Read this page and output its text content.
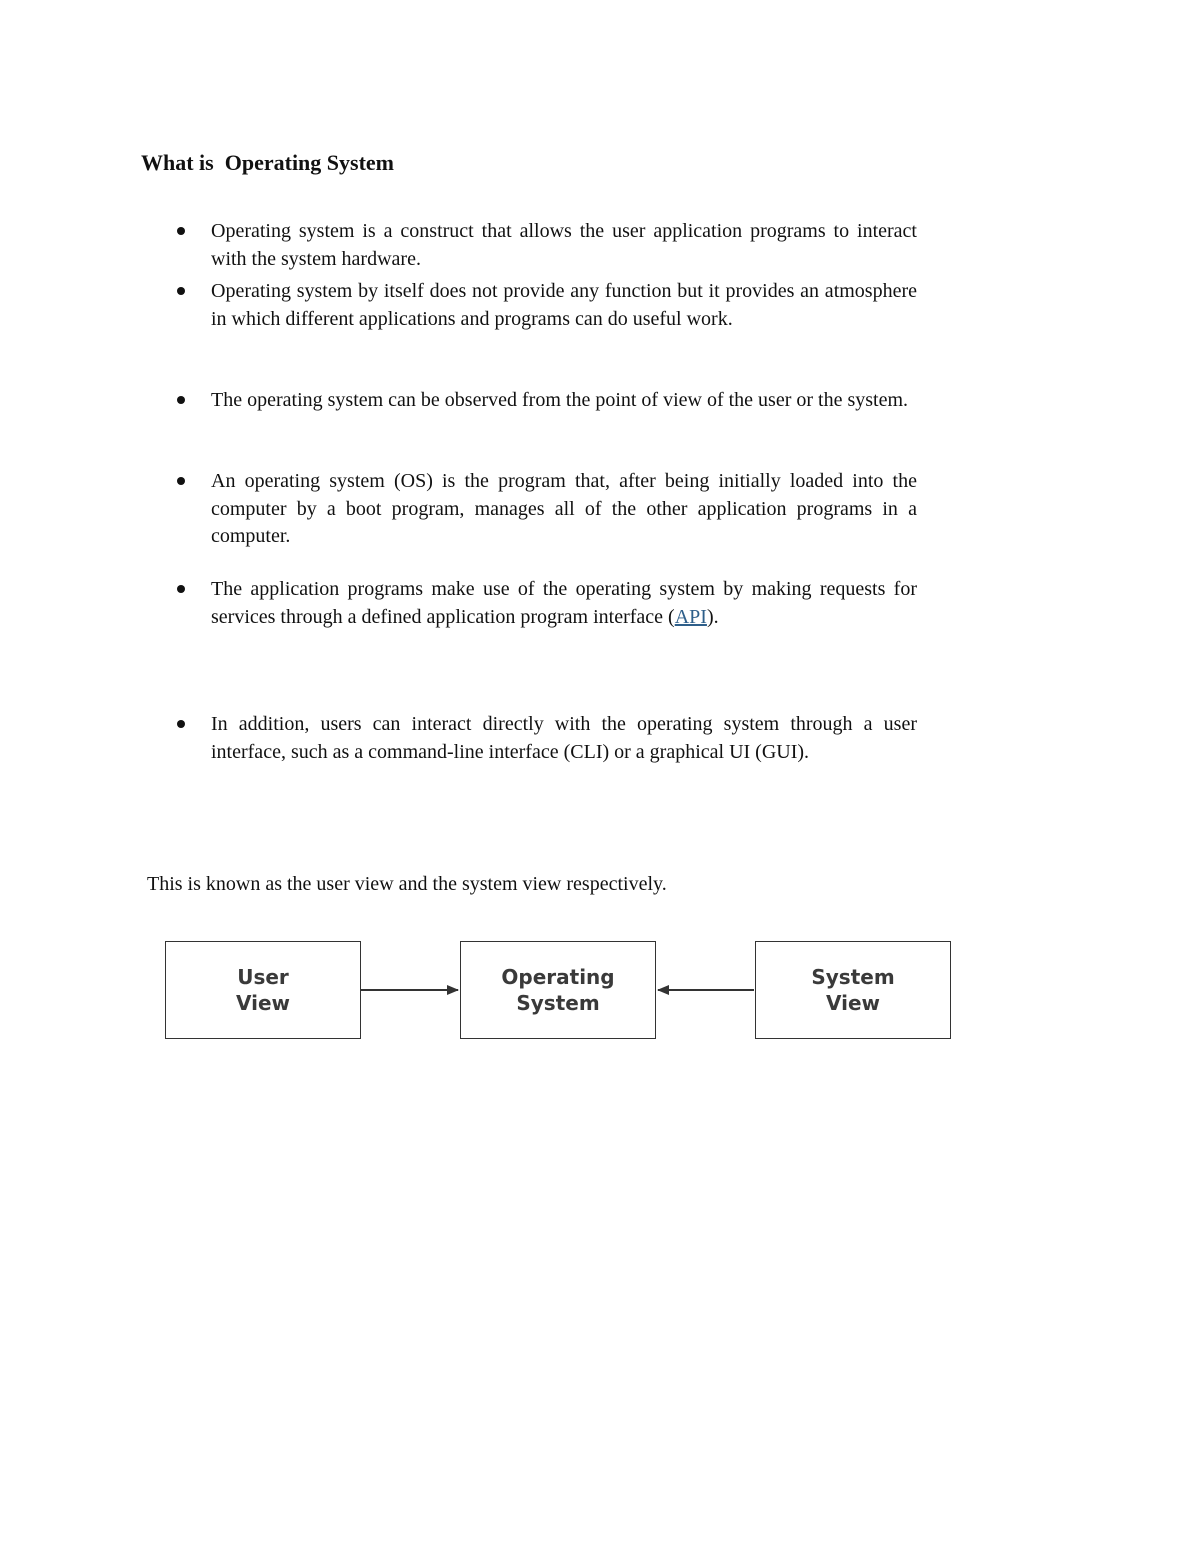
What is  Operating System
Operating system is a construct that allows the user application programs to interact with the system hardware.
Operating system by itself does not provide any function but it provides an atmosphere in which different applications and programs can do useful work.
The operating system can be observed from the point of view of the user or the system.
An operating system (OS) is the program that, after being initially loaded into the computer by a boot program, manages all of the other application programs in a computer.
The application programs make use of the operating system by making requests for services through a defined application program interface (API).
In addition, users can interact directly with the operating system through a user interface, such as a command-line interface (CLI) or a graphical UI (GUI).

This is known as the user view and the system view respectively.

User
View
Operating
System
System
View
